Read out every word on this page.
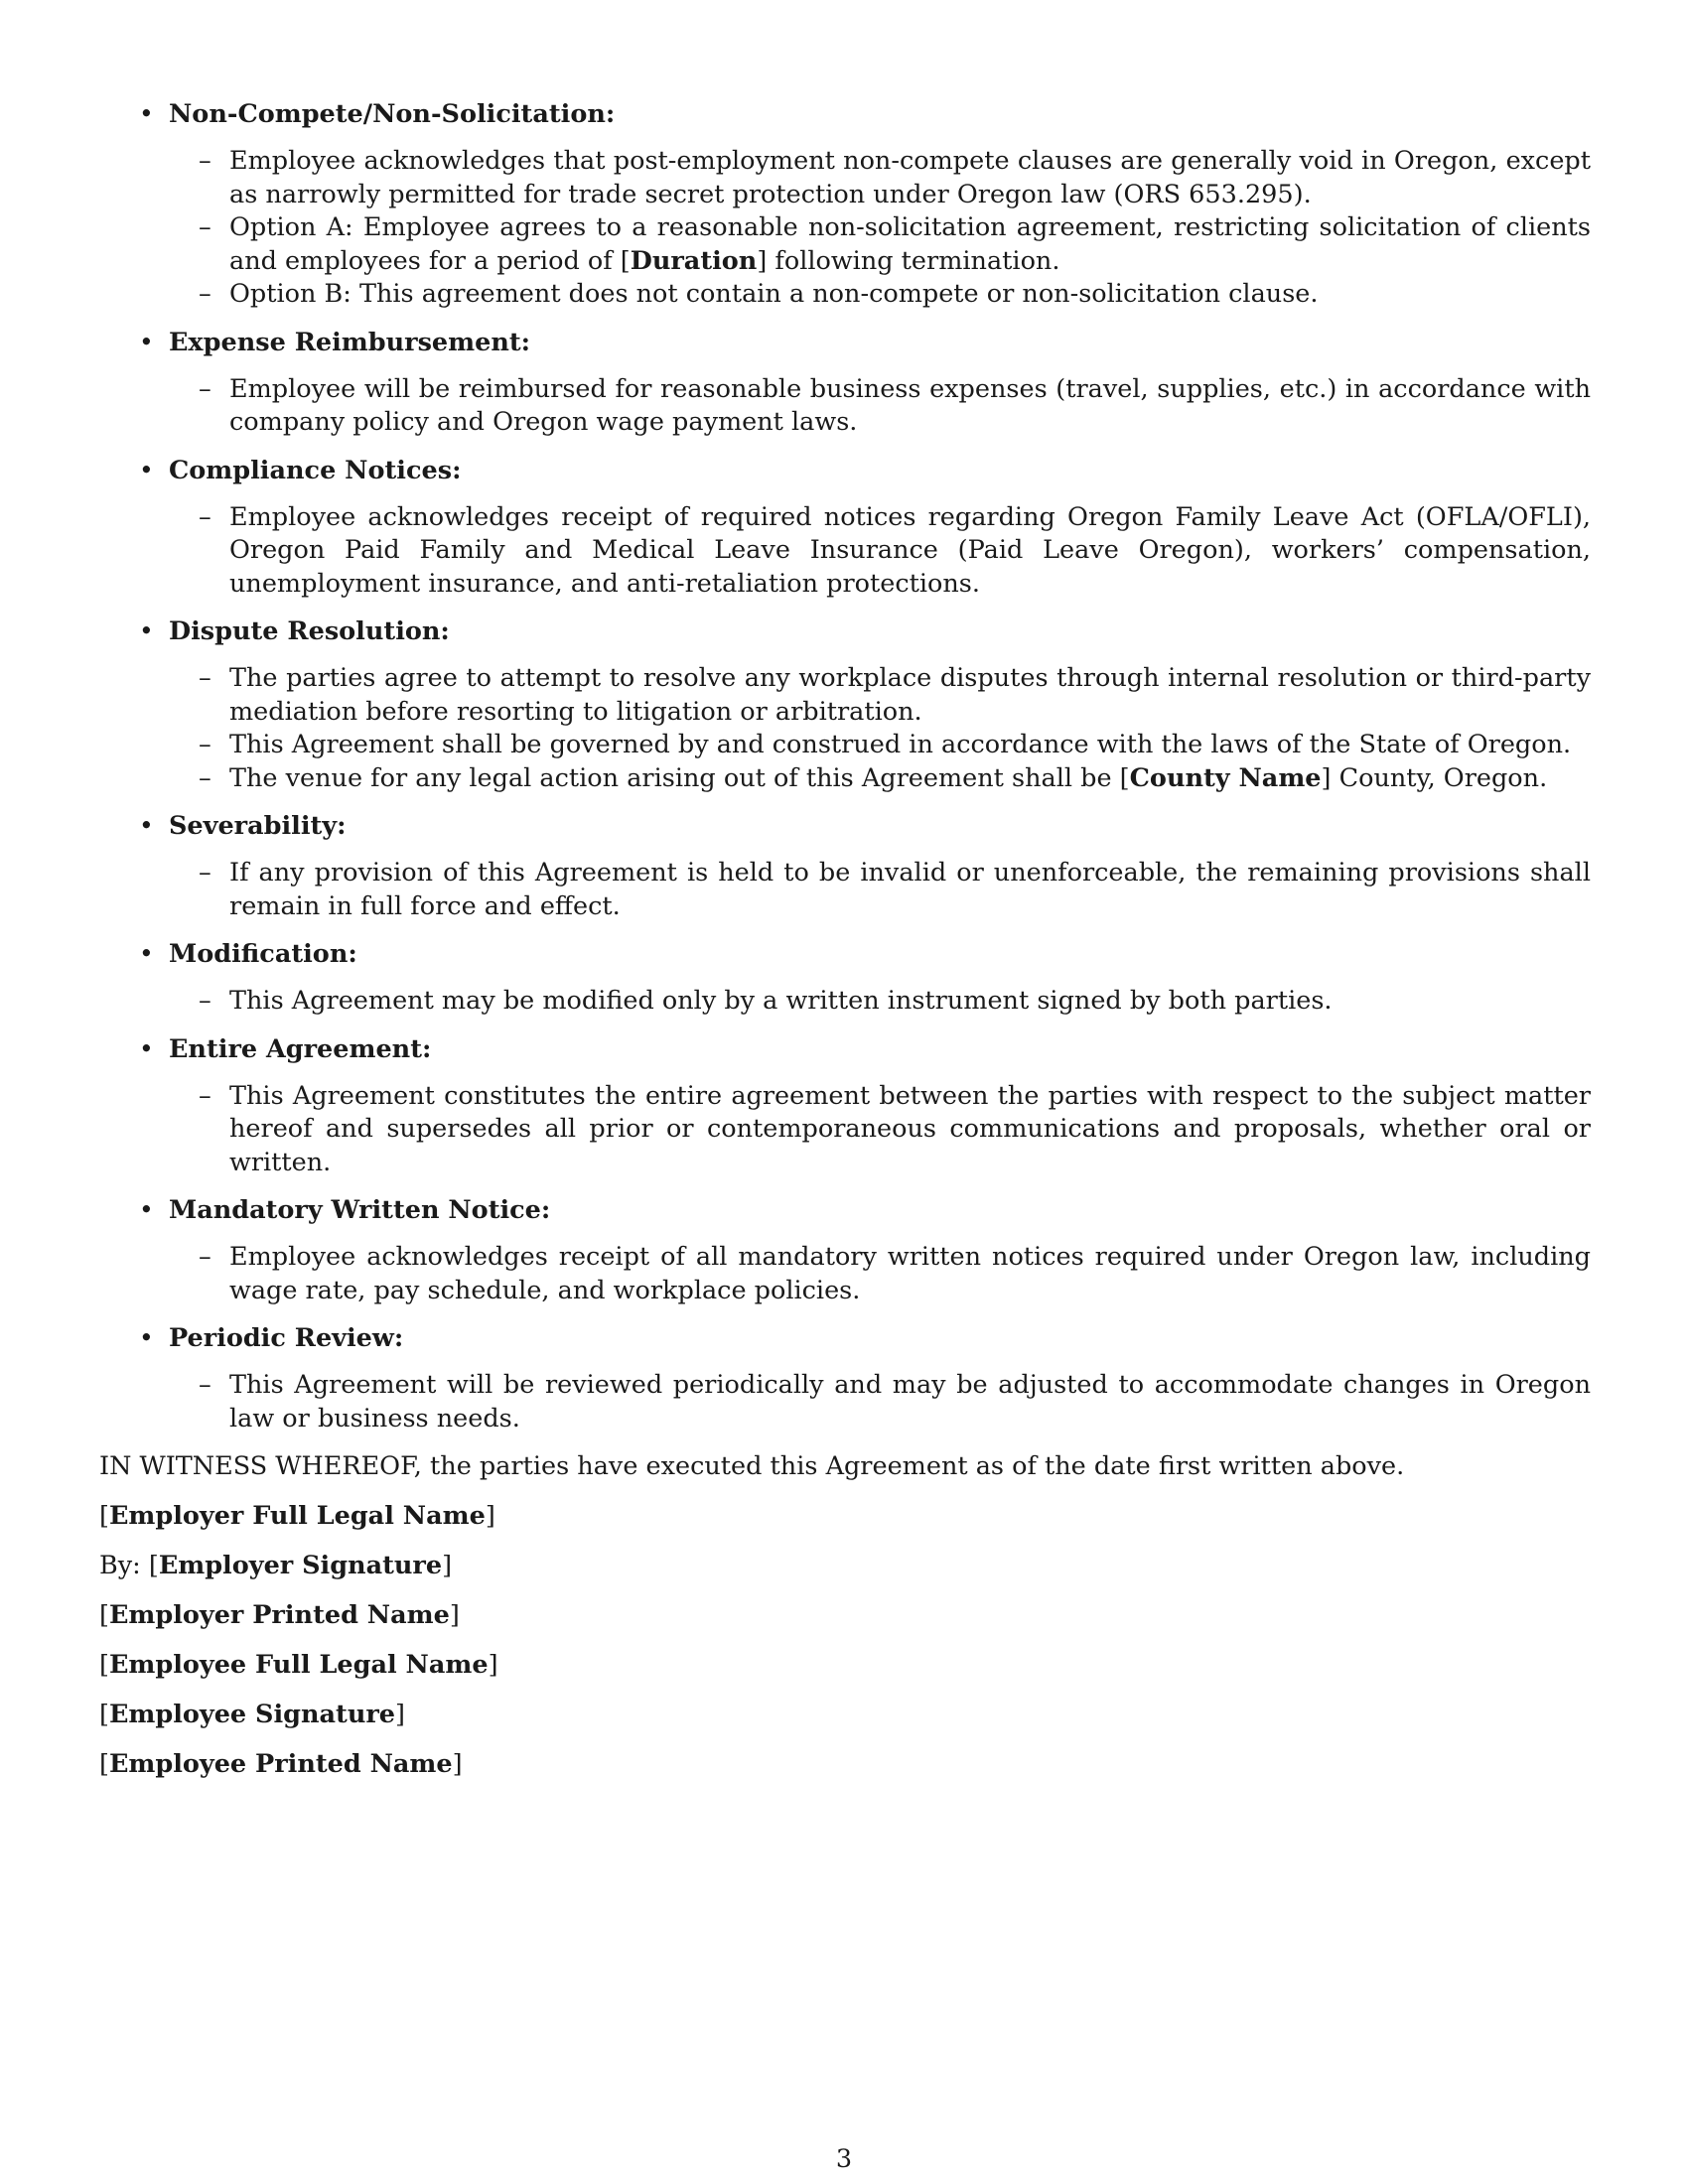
• Non-Compete/Non-Solicitation:
– Employee acknowledges that post-employment non-compete clauses are generally void in Oregon, except as narrowly permitted for trade secret protection under Oregon law (ORS 653.295).
– Option A: Employee agrees to a reasonable non-solicitation agreement, restricting solicitation of clients and employees for a period of [Duration] following termination.
– Option B: This agreement does not contain a non-compete or non-solicitation clause.
• Expense Reimbursement:
– Employee will be reimbursed for reasonable business expenses (travel, supplies, etc.) in accordance with company policy and Oregon wage payment laws.
• Compliance Notices:
– Employee acknowledges receipt of required notices regarding Oregon Family Leave Act (OFLA/OFLI), Oregon Paid Family and Medical Leave Insurance (Paid Leave Oregon), workers’ compensation, unemployment insurance, and anti-retaliation protections.
• Dispute Resolution:
– The parties agree to attempt to resolve any workplace disputes through internal resolution or third-party mediation before resorting to litigation or arbitration.
– This Agreement shall be governed by and construed in accordance with the laws of the State of Oregon.
– The venue for any legal action arising out of this Agreement shall be [County Name] County, Oregon.
• Severability:
– If any provision of this Agreement is held to be invalid or unenforceable, the remaining provisions shall remain in full force and effect.
• Modification:
– This Agreement may be modified only by a written instrument signed by both parties.
• Entire Agreement:
– This Agreement constitutes the entire agreement between the parties with respect to the subject matter hereof and supersedes all prior or contemporaneous communications and proposals, whether oral or written.
• Mandatory Written Notice:
– Employee acknowledges receipt of all mandatory written notices required under Oregon law, including wage rate, pay schedule, and workplace policies.
• Periodic Review:
– This Agreement will be reviewed periodically and may be adjusted to accommodate changes in Oregon law or business needs.
IN WITNESS WHEREOF, the parties have executed this Agreement as of the date first written above.
[Employer Full Legal Name]
By: [Employer Signature]
[Employer Printed Name]
[Employee Full Legal Name]
[Employee Signature]
[Employee Printed Name]
3
